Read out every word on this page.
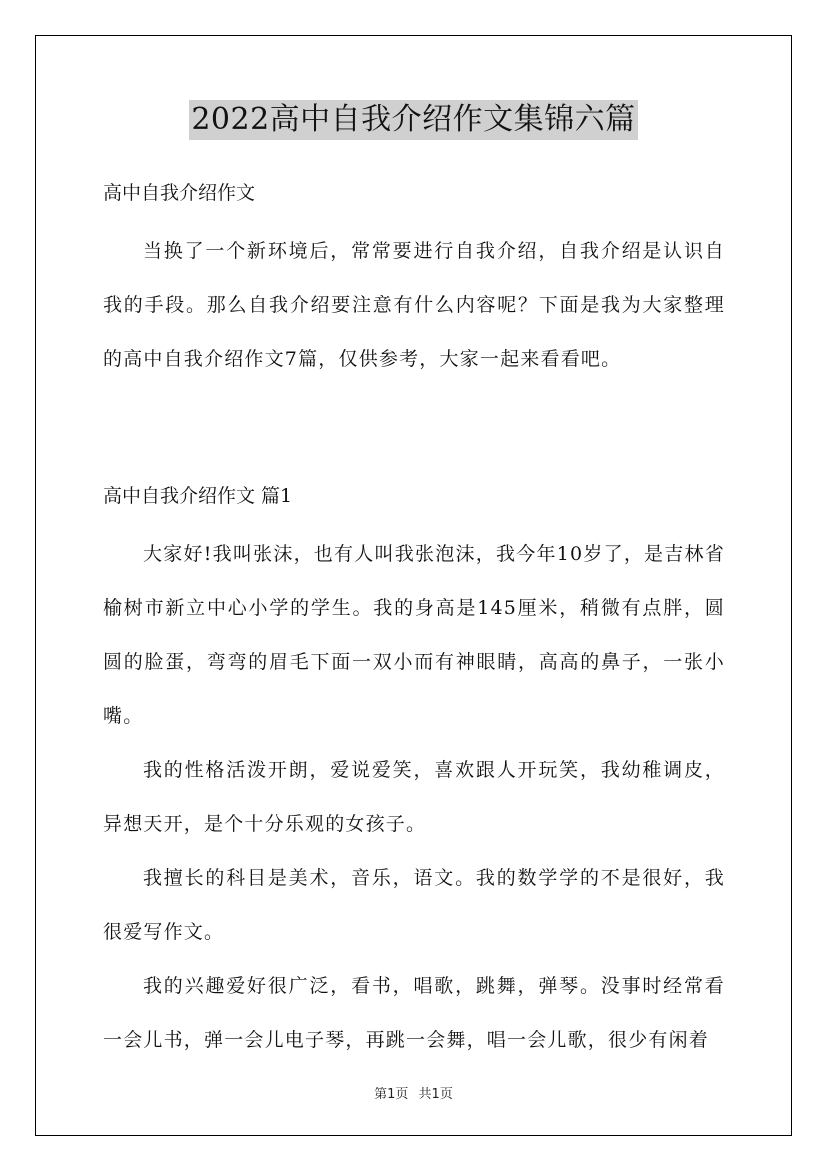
2022高中自我介绍作文集锦六篇
高中自我介绍作文

当换了一个新环境后，常常要进行自我介绍，自我介绍是认识自我的手段。那么自我介绍要注意有什么内容呢？下面是我为大家整理的高中自我介绍作文7篇，仅供参考，大家一起来看看吧。

高中自我介绍作文 篇1

大家好!我叫张沫，也有人叫我张泡沫，我今年10岁了，是吉林省榆树市新立中心小学的学生。我的身高是145厘米，稍微有点胖，圆圆的脸蛋，弯弯的眉毛下面一双小而有神眼睛，高高的鼻子，一张小嘴。

我的性格活泼开朗，爱说爱笑，喜欢跟人开玩笑，我幼稚调皮，异想天开，是个十分乐观的女孩子。

我擅长的科目是美术，音乐，语文。我的数学学的不是很好，我很爱写作文。

我的兴趣爱好很广泛，看书，唱歌，跳舞，弹琴。没事时经常看一会儿书，弹一会儿电子琴，再跳一会舞，唱一会儿歌，很少有闲着

第1页 共1页
